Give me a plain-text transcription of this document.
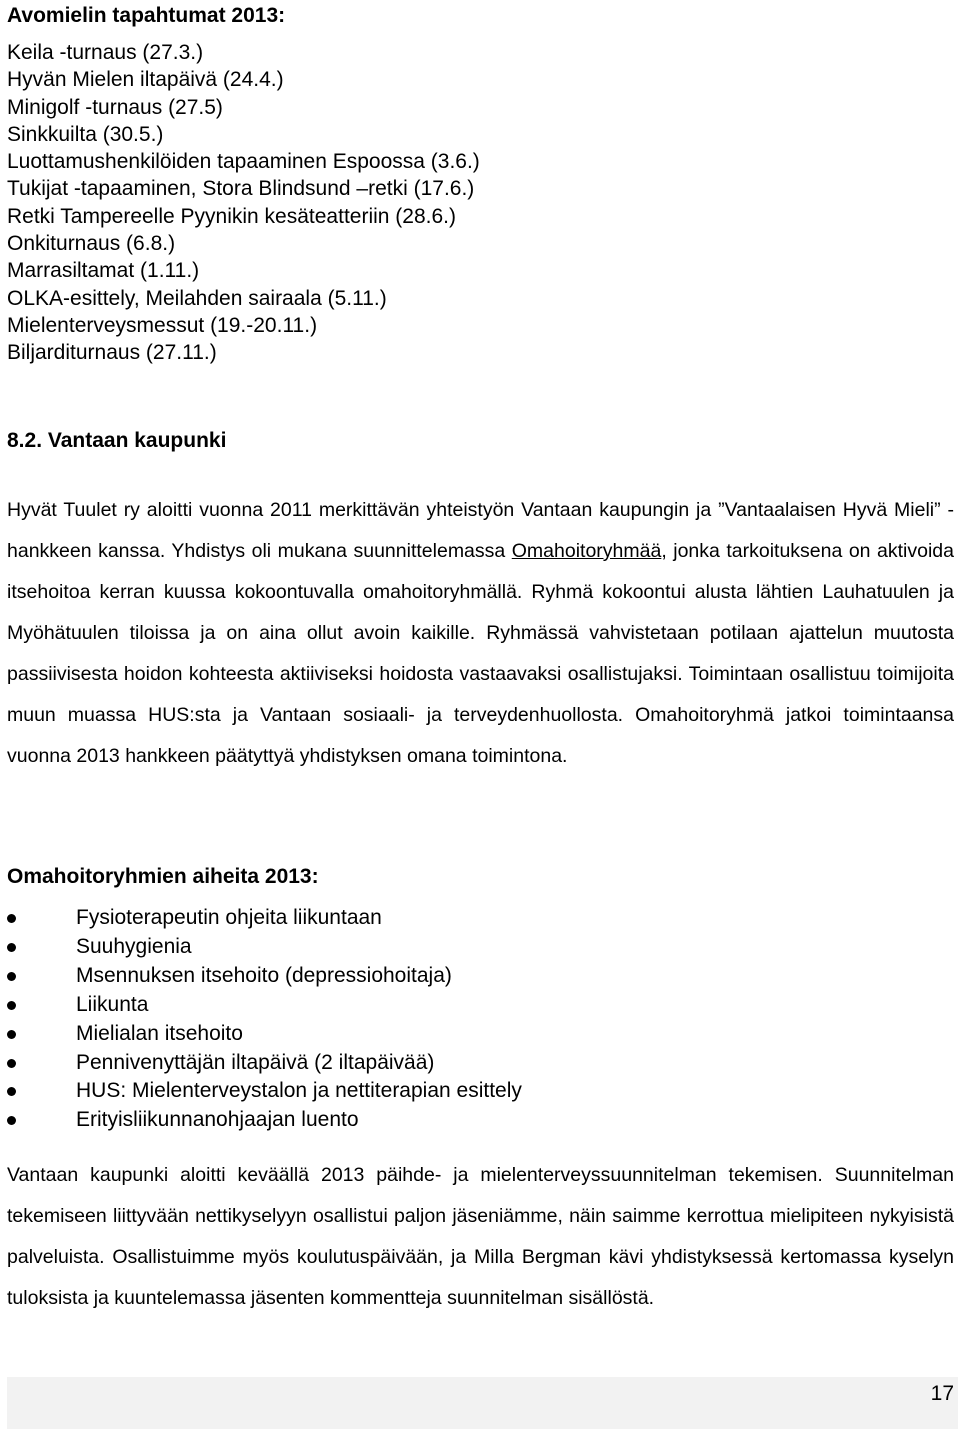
Avomielin tapahtumat 2013:
Keila -turnaus (27.3.)
Hyvän Mielen iltapäivä (24.4.)
Minigolf -turnaus (27.5)
Sinkkuilta (30.5.)
Luottamushenkilöiden tapaaminen Espoossa (3.6.)
Tukijat -tapaaminen, Stora Blindsund –retki (17.6.)
Retki Tampereelle Pyynikin kesäteatteriin (28.6.)
Onkiturnaus (6.8.)
Marrasiltamat (1.11.)
OLKA-esittely, Meilahden sairaala (5.11.)
Mielenterveysmessut (19.-20.11.)
Biljarditurnaus (27.11.)
8.2. Vantaan kaupunki

Hyvät Tuulet ry aloitti vuonna 2011 merkittävän yhteistyön Vantaan kaupungin ja ”Vantaalaisen Hyvä Mieli” -hankkeen kanssa. Yhdistys oli mukana suunnittelemassa Omahoitoryhmää, jonka tarkoituksena on aktivoida itsehoitoa kerran kuussa kokoontuvalla omahoitoryhmällä. Ryhmä kokoontui alusta lähtien Lauhatuulen ja Myöhätuulen tiloissa ja on aina ollut avoin kaikille. Ryhmässä vahvistetaan potilaan ajattelun muutosta passiivisesta hoidon kohteesta aktiiviseksi hoidosta vastaavaksi osallistujaksi. Toimintaan osallistuu toimijoita muun muassa HUS:sta ja Vantaan sosiaali- ja terveydenhuollosta. Omahoitoryhmä jatkoi toimintaansa vuonna 2013 hankkeen päätyttyä yhdistyksen omana toimintona.

Omahoitoryhmien aiheita 2013:
Fysioterapeutin ohjeita liikuntaan
Suuhygienia
Msennuksen itsehoito (depressiohoitaja)
Liikunta
Mielialan itsehoito
Pennivenyttäjän iltapäivä (2 iltapäivää)
HUS: Mielenterveystalon ja nettiterapian esittely
Erityisliikunnanohjaajan luento

Vantaan kaupunki aloitti keväällä 2013 päihde- ja mielenterveyssuunnitelman tekemisen. Suunnitelman tekemiseen liittyvään nettikyselyyn osallistui paljon jäseniämme, näin saimme kerrottua mielipiteen nykyisistä palveluista. Osallistuimme myös koulutuspäivään, ja Milla Bergman kävi yhdistyksessä kertomassa kyselyn tuloksista ja kuuntelemassa jäsenten kommentteja suunnitelman sisällöstä.

17
